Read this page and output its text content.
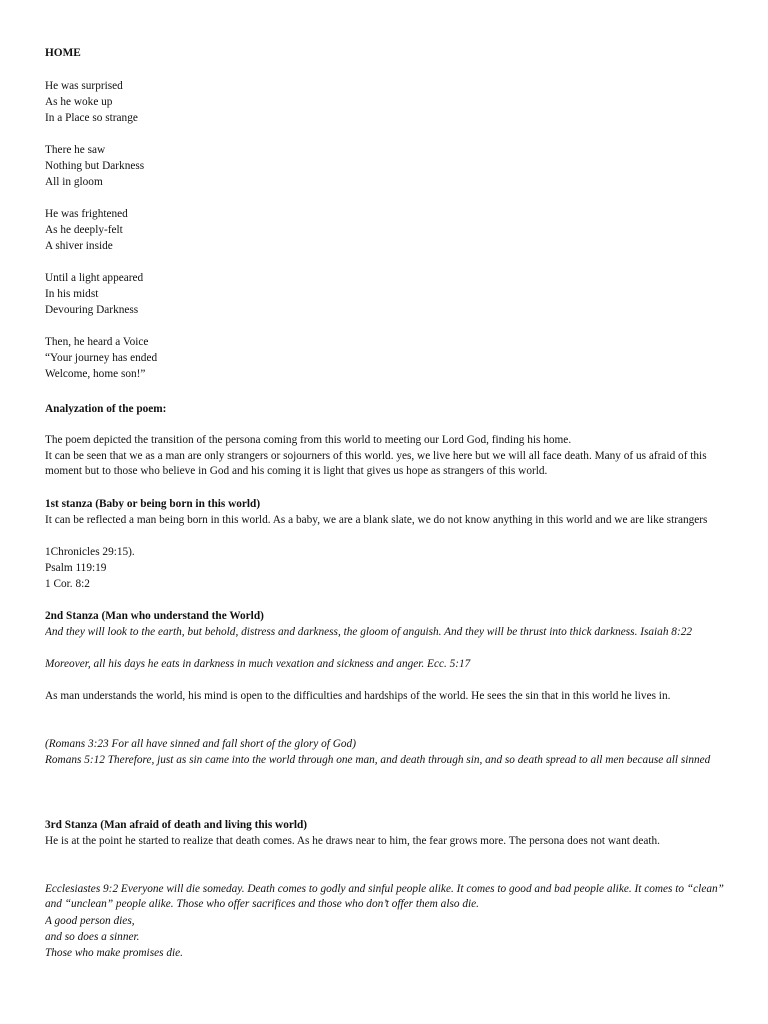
HOME
He was surprised
As he woke up
In a Place so strange
There he saw
Nothing but Darkness
All in gloom
He was frightened
As he deeply-felt
A shiver inside
Until a light appeared
In his midst
Devouring Darkness
Then, he heard a Voice
“Your journey has ended
Welcome, home son!”
Analyzation of the poem:
The poem depicted the transition of the persona coming from this world to meeting our Lord God, finding his home.
It can be seen that we as a man are only strangers or sojourners of this world. yes, we live here but we will all face death. Many of us afraid of this moment but to those who believe in God and his coming it is light that gives us hope as strangers of this world.
1st stanza (Baby or being born in this world)
It can be reflected a man being born in this world. As a baby, we are a blank slate, we do not know anything in this world and we are like strangers
1Chronicles 29:15).
Psalm 119:19
1 Cor. 8:2
2nd Stanza (Man who understand the World)
And they will look to the earth, but behold, distress and darkness, the gloom of anguish. And they will be thrust into thick darkness. Isaiah 8:22
Moreover, all his days he eats in darkness in much vexation and sickness and anger. Ecc. 5:17
As man understands the world, his mind is open to the difficulties and hardships of the world. He sees the sin that in this world he lives in.
(Romans 3:23 For all have sinned and fall short of the glory of God)
Romans 5:12 Therefore, just as sin came into the world through one man, and death through sin, and so death spread to all men because all sinned
3rd Stanza (Man afraid of death and living this world)
He is at the point he started to realize that death comes. As he draws near to him, the fear grows more. The persona does not want death.
Ecclesiastes 9:2 Everyone will die someday. Death comes to godly and sinful people alike. It comes to good and bad people alike. It comes to “clean” and “unclean” people alike. Those who offer sacrifices and those who don’t offer them also die.
A good person dies,
and so does a sinner.
Those who make promises die.
